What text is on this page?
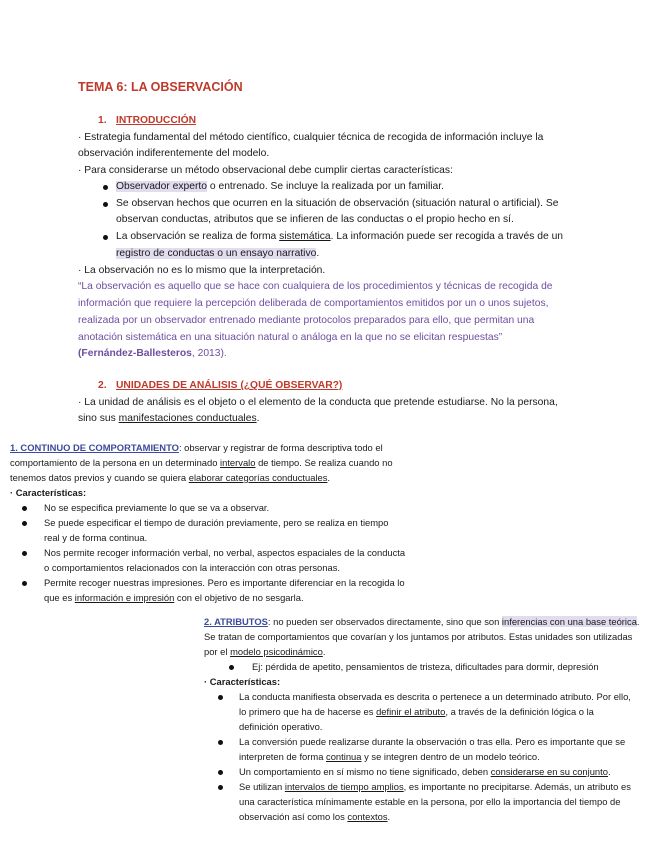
TEMA 6: LA OBSERVACIÓN
1. INTRODUCCIÓN
· Estrategia fundamental del método científico, cualquier técnica de recogida de información incluye la
observación indiferentemente del modelo.
· Para considerarse un método observacional debe cumplir ciertas características:
Observador experto o entrenado. Se incluye la realizada por un familiar.
Se observan hechos que ocurren en la situación de observación (situación natural o artificial). Se
observan conductas, atributos que se infieren de las conductas o el propio hecho en sí.
La observación se realiza de forma sistemática. La información puede ser recogida a través de un
registro de conductas o un ensayo narrativo.
· La observación no es lo mismo que la interpretación.
“La observación es aquello que se hace con cualquiera de los procedimientos y técnicas de recogida de
información que requiere la percepción deliberada de comportamientos emitidos por un o unos sujetos,
realizada por un observador entrenado mediante protocolos preparados para ello, que permitan una
anotación sistemática en una situación natural o análoga en la que no se elicitan respuestas”
(Fernández-Ballesteros, 2013).
2. UNIDADES DE ANÁLISIS (¿QUÉ OBSERVAR?)
· La unidad de análisis es el objeto o el elemento de la conducta que pretende estudiarse. No la persona,
sino sus manifestaciones conductuales.
1. CONTINUO DE COMPORTAMIENTO: observar y registrar de forma descriptiva todo el
comportamiento de la persona en un determinado intervalo de tiempo. Se realiza cuando no
tenemos datos previos y cuando se quiera elaborar categorías conductuales.
· Características:
No se especifica previamente lo que se va a observar.
Se puede especificar el tiempo de duración previamente, pero se realiza en tiempo
real y de forma continua.
Nos permite recoger información verbal, no verbal, aspectos espaciales de la conducta
o comportamientos relacionados con la interacción con otras personas.
Permite recoger nuestras impresiones. Pero es importante diferenciar en la recogida lo
que es información e impresión con el objetivo de no sesgarla.
2. ATRIBUTOS: no pueden ser observados directamente, sino que son inferencias con una base teórica.
Se tratan de comportamientos que covarían y los juntamos por atributos. Estas unidades son utilizadas
por el modelo psicodinámico.
Ej: pérdida de apetito, pensamientos de tristeza, dificultades para dormir, depresión
· Características:
La conducta manifiesta observada es descrita o pertenece a un determinado atributo. Por ello,
lo primero que ha de hacerse es definir el atributo, a través de la definición lógica o la
definición operativo.
La conversión puede realizarse durante la observación o tras ella. Pero es importante que se
interpreten de forma continua y se integren dentro de un modelo teórico.
Un comportamiento en sí mismo no tiene significado, deben considerarse en su conjunto.
Se utilizan intervalos de tiempo amplios, es importante no precipitarse. Además, un atributo es
una característica mínimamente estable en la persona, por ello la importancia del tiempo de
observación así como los contextos.
